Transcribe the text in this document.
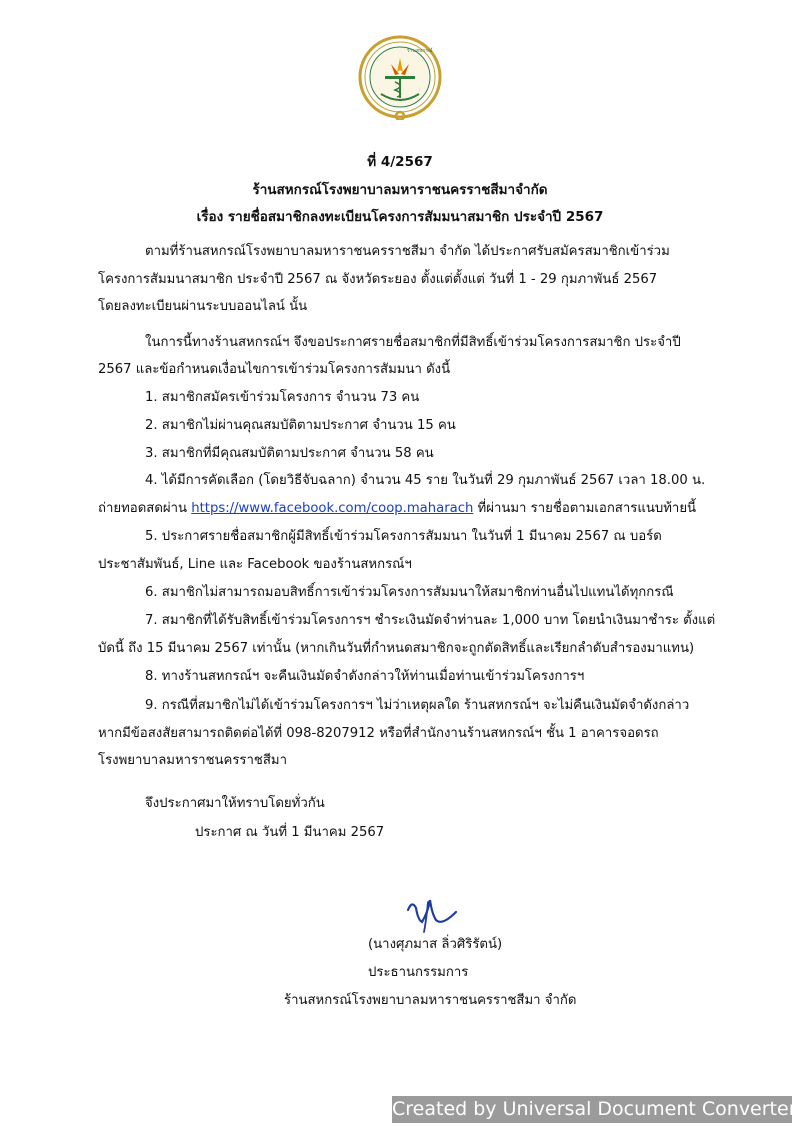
ร้านสหกรณ์
ที่ 4/2567
ร้านสหกรณ์โรงพยาบาลมหาราชนครราชสีมาจำกัด
เรื่อง รายชื่อสมาชิกลงทะเบียนโครงการสัมมนาสมาชิก ประจำปี 2567
ตามที่ร้านสหกรณ์โรงพยาบาลมหาราชนครราชสีมา จำกัด ได้ประกาศรับสมัครสมาชิกเข้าร่วม
โครงการสัมมนาสมาชิก ประจำปี 2567 ณ จังหวัดระยอง ตั้งแต่ตั้งแต่ วันที่ 1 - 29 กุมภาพันธ์ 2567
โดยลงทะเบียนผ่านระบบออนไลน์ นั้น
ในการนี้ทางร้านสหกรณ์ฯ จึงขอประกาศรายชื่อสมาชิกที่มีสิทธิ์เข้าร่วมโครงการสมาชิก ประจำปี
2567 และข้อกำหนดเงื่อนไขการเข้าร่วมโครงการสัมมนา ดังนี้
1. สมาชิกสมัครเข้าร่วมโครงการ จำนวน 73 คน
2. สมาชิกไม่ผ่านคุณสมบัติตามประกาศ จำนวน 15 คน
3. สมาชิกที่มีคุณสมบัติตามประกาศ จำนวน 58 คน
4. ได้มีการคัดเลือก (โดยวิธีจับฉลาก) จำนวน 45 ราย ในวันที่ 29 กุมภาพันธ์ 2567 เวลา 18.00 น.
ถ่ายทอดสดผ่าน https://www.facebook.com/coop.maharach ที่ผ่านมา รายชื่อตามเอกสารแนบท้ายนี้
5. ประกาศรายชื่อสมาชิกผู้มีสิทธิ์เข้าร่วมโครงการสัมมนา ในวันที่ 1 มีนาคม 2567 ณ บอร์ด
ประชาสัมพันธ์, Line และ Facebook ของร้านสหกรณ์ฯ
6. สมาชิกไม่สามารถมอบสิทธิ์การเข้าร่วมโครงการสัมมนาให้สมาชิกท่านอื่นไปแทนได้ทุกกรณี
7. สมาชิกที่ได้รับสิทธิ์เข้าร่วมโครงการฯ ชำระเงินมัดจำท่านละ 1,000 บาท โดยนำเงินมาชำระ ตั้งแต่
บัดนี้ ถึง 15 มีนาคม 2567 เท่านั้น (หากเกินวันที่กำหนดสมาชิกจะถูกตัดสิทธิ์และเรียกลำดับสำรองมาแทน)
8. ทางร้านสหกรณ์ฯ จะคืนเงินมัดจำดังกล่าวให้ท่านเมื่อท่านเข้าร่วมโครงการฯ
9. กรณีที่สมาชิกไม่ได้เข้าร่วมโครงการฯ ไม่ว่าเหตุผลใด ร้านสหกรณ์ฯ จะไม่คืนเงินมัดจำดังกล่าว
หากมีข้อสงสัยสามารถติดต่อได้ที่ 098-8207912 หรือที่สำนักงานร้านสหกรณ์ฯ ชั้น 1 อาคารจอดรถ
โรงพยาบาลมหาราชนครราชสีมา
จึงประกาศมาให้ทราบโดยทั่วกัน
ประกาศ ณ วันที่ 1 มีนาคม 2567
(นางศุภมาส ลิ่วศิริรัตน์)
ประธานกรรมการ
ร้านสหกรณ์โรงพยาบาลมหาราชนครราชสีมา จำกัด
Created by Universal Document Converter
